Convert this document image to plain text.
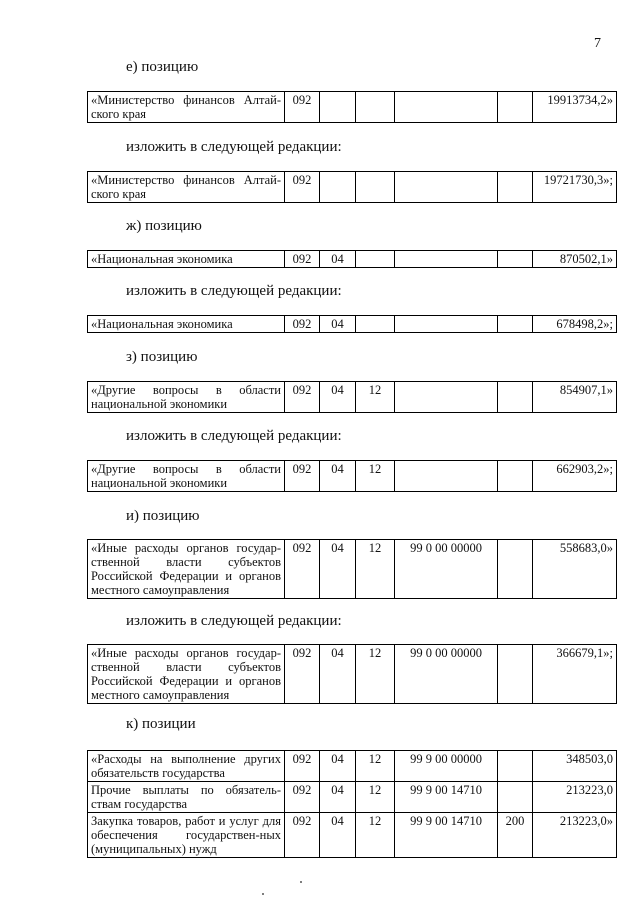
7
е) позицию
«Министерство финансов Алтай-ского края	092					19913734,2»
изложить в следующей редакции:
«Министерство финансов Алтай-ского края	092					19721730,3»;
ж) позицию
«Национальная экономика	092	04				870502,1»
изложить в следующей редакции:
«Национальная экономика	092	04				678498,2»;
з) позицию
«Другие вопросы в области национальной экономики	092	04	12			854907,1»
изложить в следующей редакции:
«Другие вопросы в области национальной экономики	092	04	12			662903,2»;
и) позицию
«Иные расходы органов государ-ственной власти субъектов Российской Федерации и органов местного самоуправления	092	04	12	99 0 00 00000		558683,0»
изложить в следующей редакции:
«Иные расходы органов государ-ственной власти субъектов Российской Федерации и органов местного самоуправления	092	04	12	99 0 00 00000		366679,1»;
к) позиции
«Расходы на выполнение других обязательств государства	092	04	12	99 9 00 00000		348503,0
Прочие выплаты по обязатель-ствам государства	092	04	12	99 9 00 14710		213223,0
Закупка товаров, работ и услуг для обеспечения государствен-ных (муниципальных) нужд	092	04	12	99 9 00 14710	200	213223,0»
